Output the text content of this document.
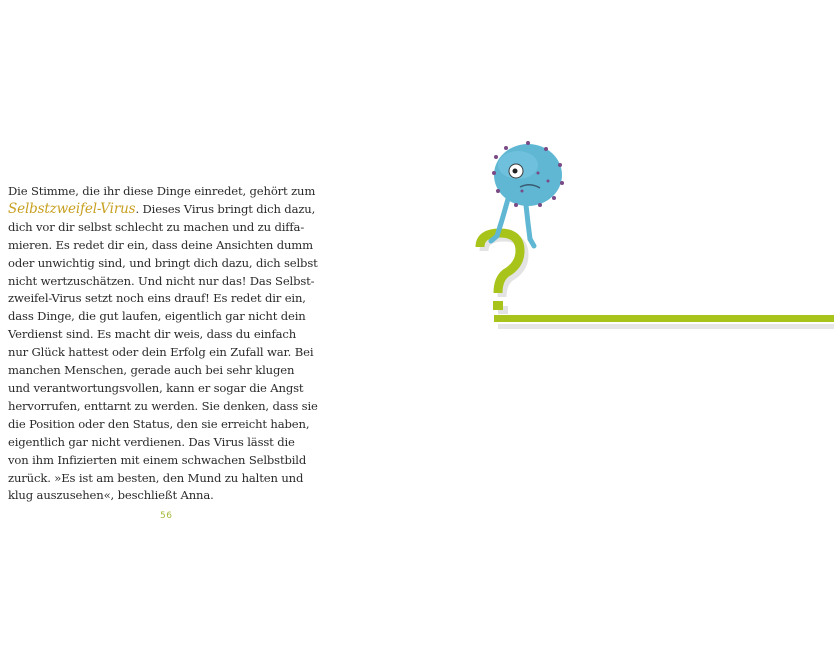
Die Stimme, die ihr diese Dinge einredet, gehört zum
Selbstzweifel-Virus. Dieses Virus bringt dich dazu,
dich vor dir selbst schlecht zu machen und zu diffa-
mieren. Es redet dir ein, dass deine Ansichten dumm
oder unwichtig sind, und bringt dich dazu, dich selbst
nicht wertzuschätzen. Und nicht nur das! Das Selbst-
zweifel-Virus setzt noch eins drauf! Es redet dir ein,
dass Dinge, die gut laufen, eigentlich gar nicht dein
Verdienst sind. Es macht dir weis, dass du einfach
nur Glück hattest oder dein Erfolg ein Zufall war. Bei
manchen Menschen, gerade auch bei sehr klugen
und verantwortungsvollen, kann er sogar die Angst
hervorrufen, enttarnt zu werden. Sie denken, dass sie
die Position oder den Status, den sie erreicht haben,
eigentlich gar nicht verdienen. Das Virus lässt die
von ihm Infizierten mit einem schwachen Selbstbild
zurück. »Es ist am besten, den Mund zu halten und
klug auszusehen«, beschließt Anna.
56
